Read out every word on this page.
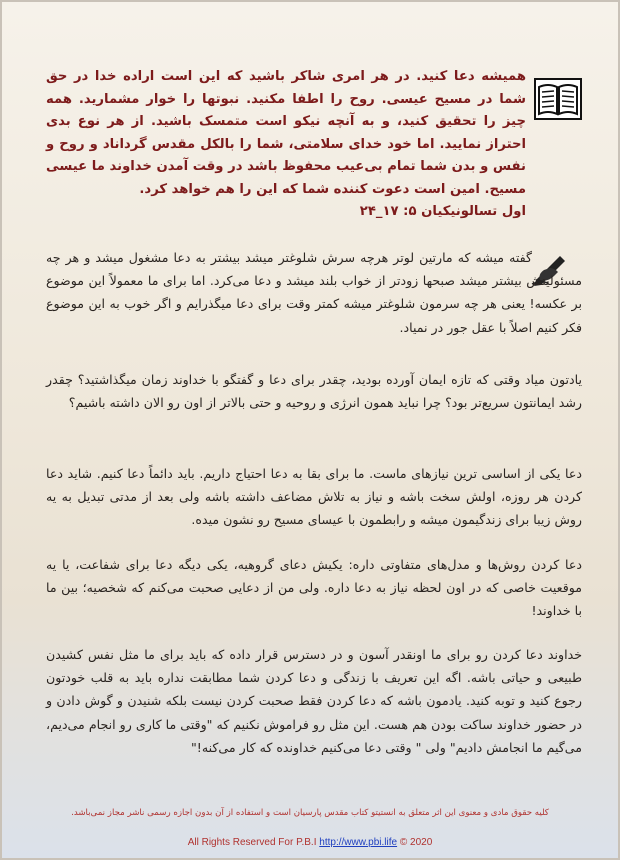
همیشه دعا کنید. در هر امری شاکر باشید که این است اراده خدا در حق شما در مسیح عیسی. روح را اطفا مکنید. نبوتها را خوار مشمارید. همه چیز را تحقیق کنید، و به آنچه نیکو است متمسک باشید. از هر نوع بدی احتراز نمایید. اما خود خدای سلامتی، شما را بالکل مقدس گرداناد و روح و نفس و بدن شما تمام بی‌عیب محفوظ باشد در وقت آمدن خداوند ما عیسی مسیح. امین است دعوت کننده شما که این را هم خواهد کرد.
اول تسالونیکیان ۵: ۱۷_۲۴
گفته میشه که مارتین لوتر هرچه سرش شلوغتر میشد بیشتر به دعا مشغول میشد و هر چه مسئولیتش بیشتر میشد صبحها زودتر از خواب بلند میشد و دعا می‌کرد. اما برای ما معمولاً این موضوع بر عکسه! یعنی هر چه سرمون شلوغتر میشه کمتر وقت برای دعا میگذرایم و اگر خوب به این موضوع فکر کنیم اصلاً با عقل جور در نمیاد.
یادتون میاد وقتی که تازه ایمان آورده بودید، چقدر برای دعا و گفتگو با خداوند زمان میگذاشتید؟ چقدر رشد ایمانتون سریع‌تر بود؟ چرا نباید همون انرژی و روحیه و حتی بالاتر از اون رو الان داشته باشیم؟
دعا یکی از اساسی ترین نیازهای ماست. ما برای بقا به دعا احتیاج داریم. باید دائماً دعا کنیم. شاید دعا کردن هر روزه، اولش سخت باشه و نیاز به تلاش مضاعف داشته باشه ولی بعد از مدتی تبدیل به یه روش زیبا برای زندگیمون میشه و رابطمون با عیسای مسیح رو نشون میده.
دعا کردن روش‌ها و مدل‌های متفاوتی داره: یکیش دعای گروهیه، یکی دیگه دعا برای شفاعت، یا یه موقعیت خاصی که در اون لحظه نیاز به دعا داره. ولی من از دعایی صحبت می‌کنم که شخصیه؛ بین ما با خداوند!
خداوند دعا کردن رو برای ما اونقدر آسون و در دسترس قرار داده که باید برای ما مثل نفس کشیدن طبیعی و حیاتی باشه. اگه این تعریف با زندگی و دعا کردن شما مطابقت نداره باید به قلب خودتون رجوع کنید و توبه کنید. یادمون باشه که دعا کردن فقط صحبت کردن نیست بلکه شنیدن و گوش دادن و در حضور خداوند ساکت بودن هم هست. این مثل رو فراموش نکنیم که "وقتی ما کاری رو انجام می‌دیم، می‌گیم ما انجامش دادیم" ولی " وقتی دعا می‌کنیم خداونده که کار می‌کنه!"
کلیه حقوق مادی و معنوی این اثر متعلق به انستیتو کتاب مقدس پارسیان است و استفاده از آن بدون اجازه رسمی ناشر مجاز نمی‌باشد.
All Rights Reserved For P.B.I http://www.pbi.life © 2020
